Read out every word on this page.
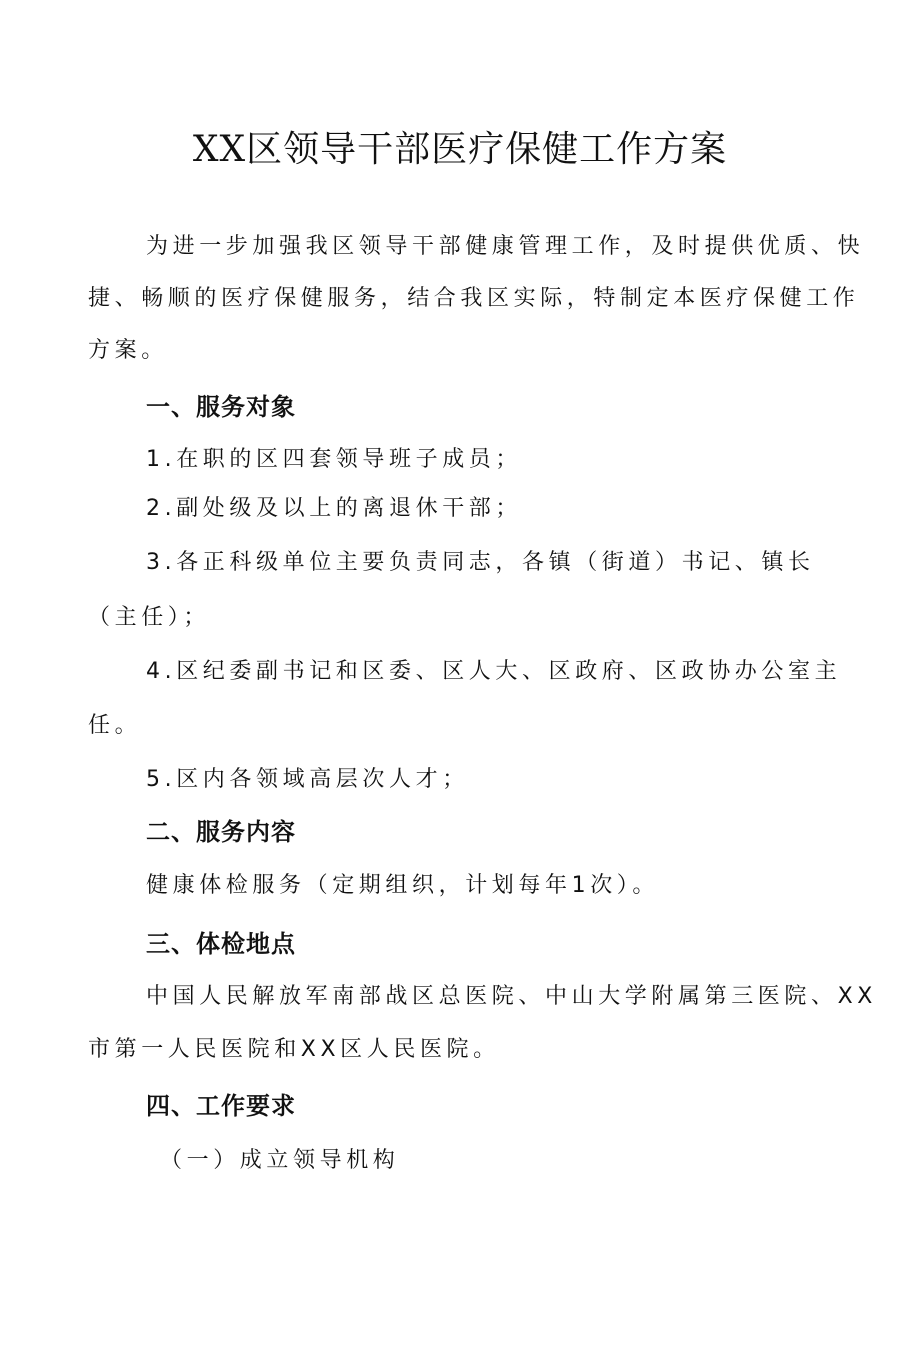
XX区领导干部医疗保健工作方案
为进一步加强我区领导干部健康管理工作，及时提供优质、快
捷、畅顺的医疗保健服务，结合我区实际，特制定本医疗保健工作
方案。
一、服务对象
1.在职的区四套领导班子成员；
2.副处级及以上的离退休干部；
3.各正科级单位主要负责同志，各镇（街道）书记、镇长
（主任）；
4.区纪委副书记和区委、区人大、区政府、区政协办公室主
任。
5.区内各领域高层次人才；
二、服务内容
健康体检服务（定期组织，计划每年1次）。
三、体检地点
中国人民解放军南部战区总医院、中山大学附属第三医院、XX
市第一人民医院和XX区人民医院。
四、工作要求
（一）成立领导机构
